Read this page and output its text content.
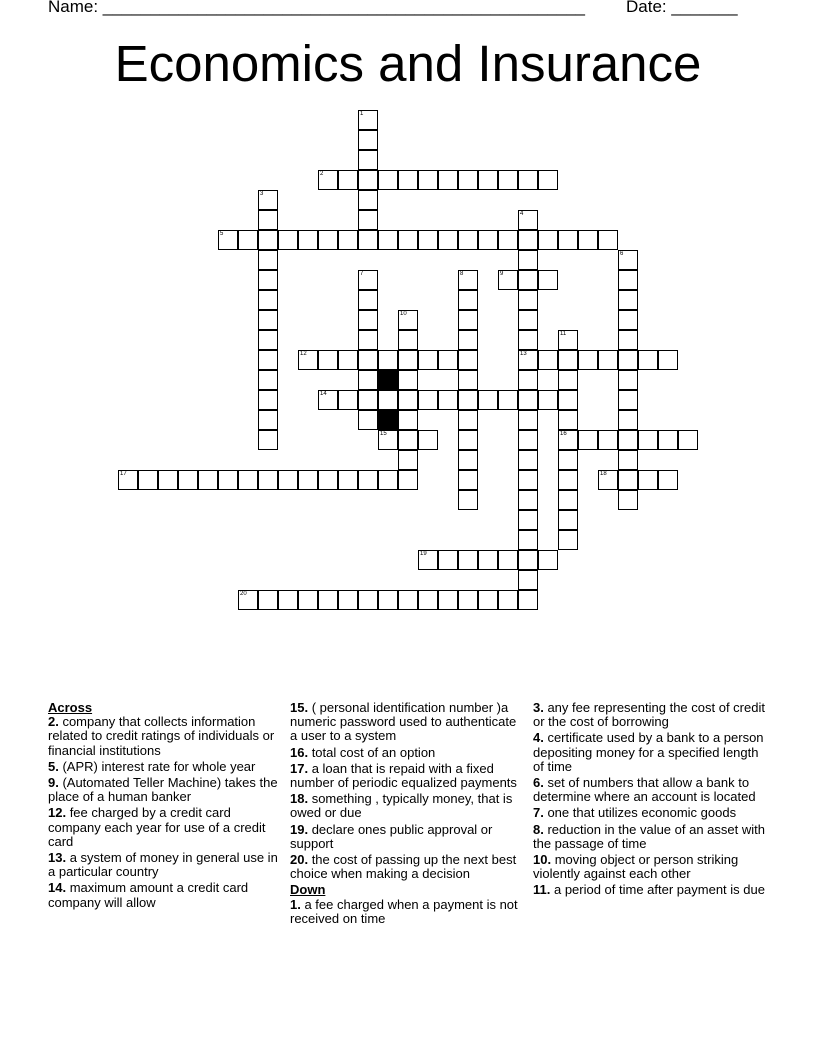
Name: ___________________________________________________ Date: _______
Economics and Insurance
1
2
3
4
5
6
7	8	9
10
11
12	13
14
15	16
17	18
19
20
Across
2. company that collects information related to credit ratings of individuals or financial institutions
5. (APR) interest rate for whole year
9. (Automated Teller Machine) takes the place of a human banker
12. fee charged by a credit card company each year for use of a credit card
13. a system of money in general use in a particular country
14. maximum amount a credit card company will allow
15. ( personal identification number )a numeric password used to authenticate a user to a system
16. total cost of an option
17. a loan that is repaid with a fixed number of periodic equalized payments
18. something , typically money, that is owed or due
19. declare ones public approval or support
20. the cost of passing up the next best choice when making a decision
Down
1. a fee charged when a payment is not received on time
3. any fee representing the cost of credit or the cost of borrowing
4. certificate used by a bank to a person depositing money for a specified length of time
6. set of numbers that allow a bank to determine where an account is located
7. one that utilizes economic goods
8. reduction in the value of an asset with the passage of time
10. moving object or person striking violently against each other
11. a period of time after payment is due
